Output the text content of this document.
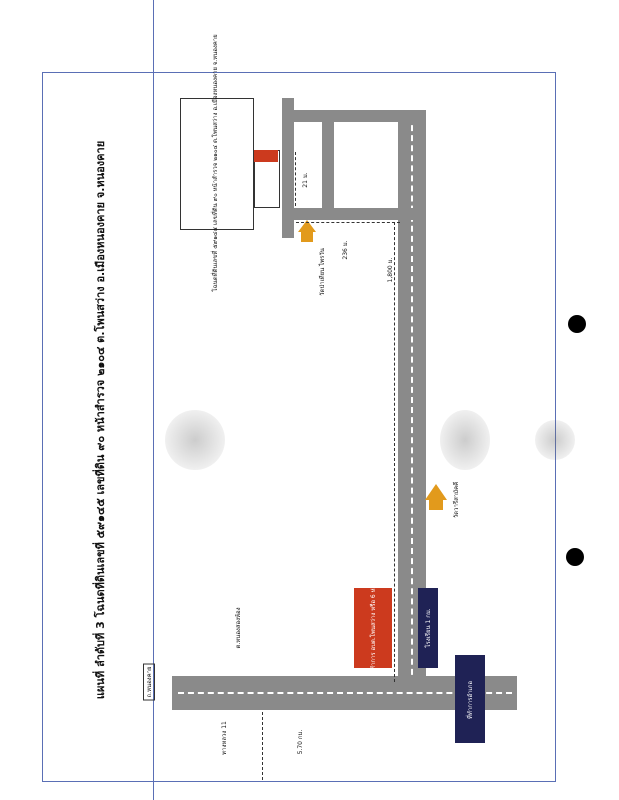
โฉนดที่ดินเลขที่ ๕๙๑๔๕ เลขที่ดิน ๙๐ หน้าสำรวจ ๒๑๐๔ ต.โพนสว่าง อ.เมืองหนองคาย จ.หนองคาย	21 ม.
236 ม.
1,800 ม.
5.70 กม.
วัดป่าเทียน ไพรวัน
วัดวารีสามัคคี
ที่ทำการ อบต.โพนสว่าง หรือ 6 ห่าง	โรงเรียน 1 กม.
ที่ทำการอำเภอ
ต.หนองสองห้อง
ถ.หนองคาย
ทางหลวง 11
แผนที่ ลำดับที่ 3 โฉนดที่ดินเลขที่ ๕๙๑๔๕ เลขที่ดิน ๙๐ หน้าสำรวจ ๒๑๐๔ ต.โพนสว่าง อ.เมืองหนองคาย จ.หนองคาย
